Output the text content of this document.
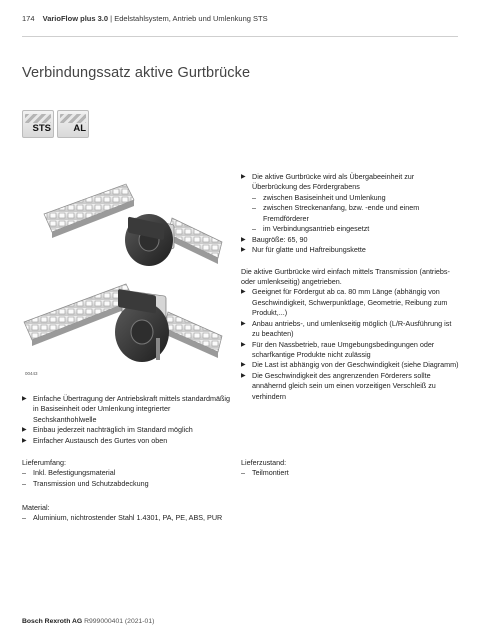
174 VarioFlow plus 3.0 | Edelstahlsystem, Antrieb und Umlenkung STS
Verbindungssatz aktive Gurtbrücke
STS AL
00443
▶ Einfache Übertragung der Antriebskraft mittels standardmäßig in Basiseinheit oder Umlenkung integrierter Sechskanthohlwelle
▶ Einbau jederzeit nachträglich im Standard möglich
▶ Einfacher Austausch des Gurtes von oben
▶ Die aktive Gurtbrücke wird als Übergabeeinheit zur Überbrückung des Fördergrabens
– zwischen Basiseinheit und Umlenkung
– zwischen Streckenanfang, bzw. -ende und einem Fremdförderer
– im Verbindungsantrieb eingesetzt
▶ Baugröße: 65, 90
▶ Nur für glatte und Haftreibungskette

Die aktive Gurtbrücke wird einfach mittels Transmission (antriebs- oder umlenkseitig) angetrieben.

▶ Geeignet für Fördergut ab ca. 80 mm Länge (abhängig von Geschwindigkeit, Schwerpunktlage, Geometrie, Reibung zum Produkt,...)
▶ Anbau antriebs-, und umlenkseitig möglich (L/R-Ausführung ist zu beachten)
▶ Für den Nassbetrieb, raue Umgebungsbedingungen oder scharfkantige Produkte nicht zulässig
▶ Die Last ist abhängig von der Geschwindigkeit (siehe Diagramm)
▶ Die Geschwindigkeit des angrenzenden Förderers sollte annähernd gleich sein um einen vorzeitigen Verschleiß zu verhindern
Lieferumfang:
– Inkl. Befestigungsmaterial
– Transmission und Schutzabdeckung
Lieferzustand:
– Teilmontiert
Material:
– Aluminium, nichtrostender Stahl 1.4301, PA, PE, ABS, PUR
Bosch Rexroth AG R999000401 (2021-01)
